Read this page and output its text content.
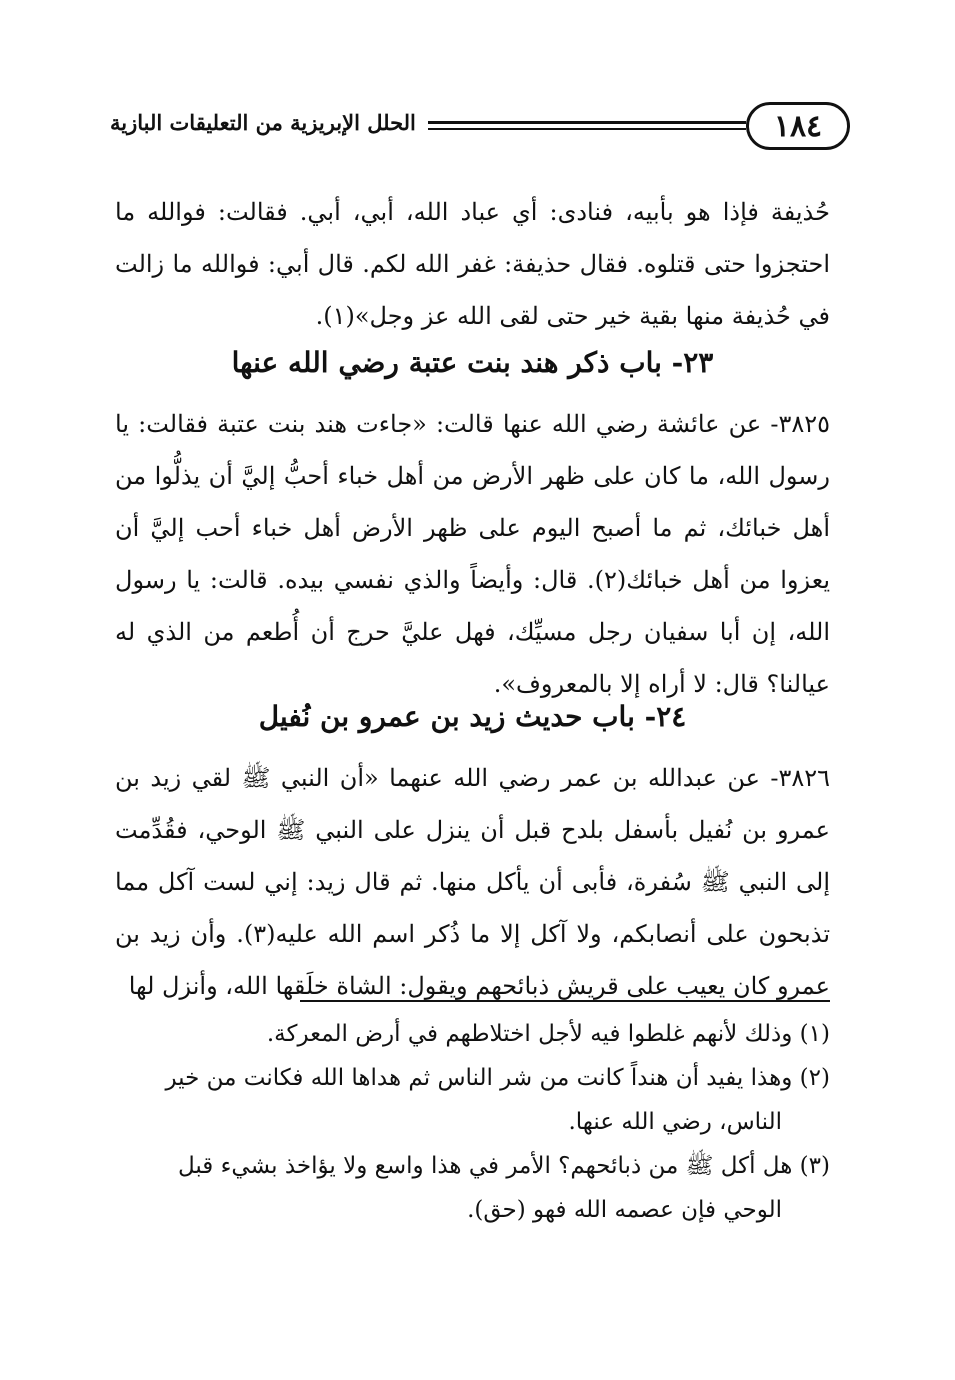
١٨٤
الحلل الإبريزية من التعليقات البازية

حُذيفة فإذا هو بأبيه، فنادى: أي عباد الله، أبي، أبي. فقالت: فوالله ما احتجزوا حتى قتلوه. فقال حذيفة: غفر الله لكم. قال أبي: فوالله ما زالت في حُذيفة منها بقية خير حتى لقى الله عز وجل»(١).

٢٣- باب ذكر هند بنت عتبة رضي الله عنها

٣٨٢٥- عن عائشة رضي الله عنها قالت: «جاءت هند بنت عتبة فقالت: يا رسول الله، ما كان على ظهر الأرض من أهل خباء أحبُّ إليَّ أن يذلُّوا من أهل خبائك، ثم ما أصبح اليوم على ظهر الأرض أهل خباء أحب إليَّ أن يعزوا من أهل خبائك(٢). قال: وأيضاً والذي نفسي بيده. قالت: يا رسول الله، إن أبا سفيان رجل مسيِّك، فهل عليَّ حرج أن أُطعم من الذي له عيالنا؟ قال: لا أراه إلا بالمعروف».

٢٤- باب حديث زيد بن عمرو بن نُفيل

٣٨٢٦- عن عبدالله بن عمر رضي الله عنهما «أن النبي ﷺ لقي زيد بن عمرو بن نُفيل بأسفل بلدح قبل أن ينزل على النبي ﷺ الوحي، فقُدِّمت إلى النبي ﷺ سُفرة، فأبى أن يأكل منها. ثم قال زيد: إني لست آكل مما تذبحون على أنصابكم، ولا آكل إلا ما ذُكر اسم الله عليه(٣). وأن زيد بن عمرو كان يعيب على قريش ذبائحهم ويقول: الشاة خلَقها الله، وأنزل لها

(١) وذلك لأنهم غلطوا فيه لأجل اختلاطهم في أرض المعركة.

(٢) وهذا يفيد أن هنداً كانت من شر الناس ثم هداها الله فكانت من خير
الناس، رضي الله عنها.

(٣) هل أكل ﷺ من ذبائحهم؟ الأمر في هذا واسع ولا يؤاخذ بشيء قبل
الوحي فإن عصمه الله فهو (حق).
